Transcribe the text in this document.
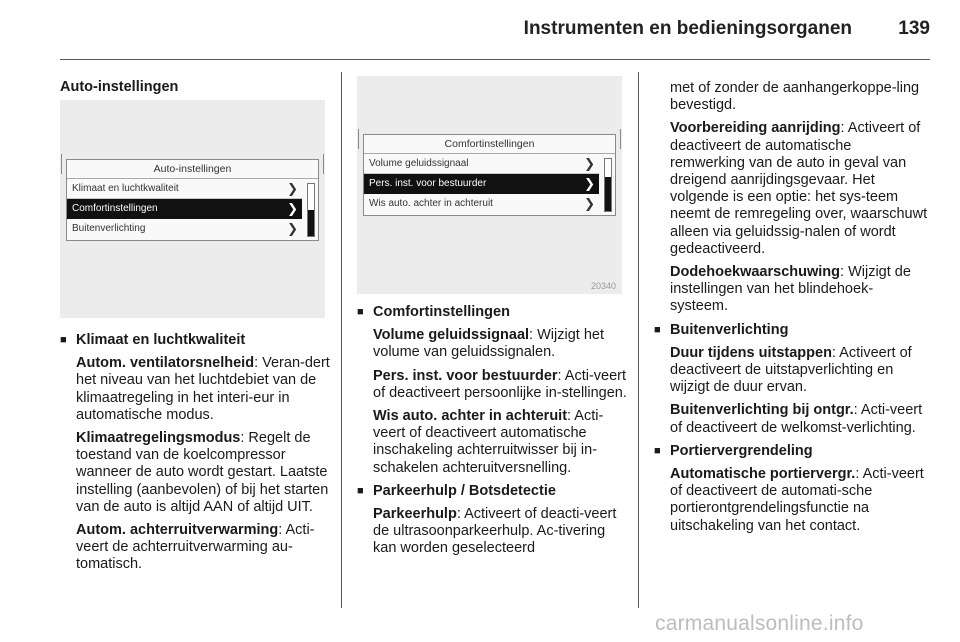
Instrumenten en bedieningsorganen	139
Auto-instellingen
Auto-instellingen
Klimaat en luchtkwaliteit	❯
Comfortinstellingen	❯
Buitenverlichting	❯
Comfortinstellingen
Volume geluidssignaal	❯
Pers. inst. voor bestuurder	❯
Wis auto. achter in achteruit	❯
20340
■ Klimaat en luchtkwaliteit

Autom. ventilatorsnelheid: Veran-dert het niveau van het luchtdebiet van de klimaatregeling in het interi-eur in automatische modus.

Klimaatregelingsmodus: Regelt de toestand van de koelcompressor wanneer de auto wordt gestart. Laatste instelling (aanbevolen) of bij het starten van de auto is altijd AAN of altijd UIT.

Autom. achterruitverwarming: Acti-veert de achterruitverwarming au-tomatisch.

■ Comfortinstellingen

Volume geluidssignaal: Wijzigt het volume van geluidssignalen.

Pers. inst. voor bestuurder: Acti-veert of deactiveert persoonlijke in-stellingen.

Wis auto. achter in achteruit: Acti-veert of deactiveert automatische inschakeling achterruitwisser bij in-schakelen achteruitversnelling.

■ Parkeerhulp / Botsdetectie

Parkeerhulp: Activeert of deacti-veert de ultrasoonparkeerhulp. Ac-tivering kan worden geselecteerd

met of zonder de aanhangerkoppe-ling bevestigd.

Voorbereiding aanrijding: Activeert of deactiveert de automatische remwerking van de auto in geval van dreigend aanrijdingsgevaar. Het volgende is een optie: het sys-teem neemt de remregeling over, waarschuwt alleen via geluidssig-nalen of wordt gedeactiveerd.

Dodehoekwaarschuwing: Wijzigt de instellingen van het blindehoek-systeem.

■ Buitenverlichting

Duur tijdens uitstappen: Activeert of deactiveert de uitstapverlichting en wijzigt de duur ervan.

Buitenverlichting bij ontgr.: Acti-veert of deactiveert de welkomst-verlichting.

■ Portiervergrendeling

Automatische portiervergr.: Acti-veert of deactiveert de automati-sche portierontgrendelingsfunctie na uitschakeling van het contact.

carmanualsonline.info
